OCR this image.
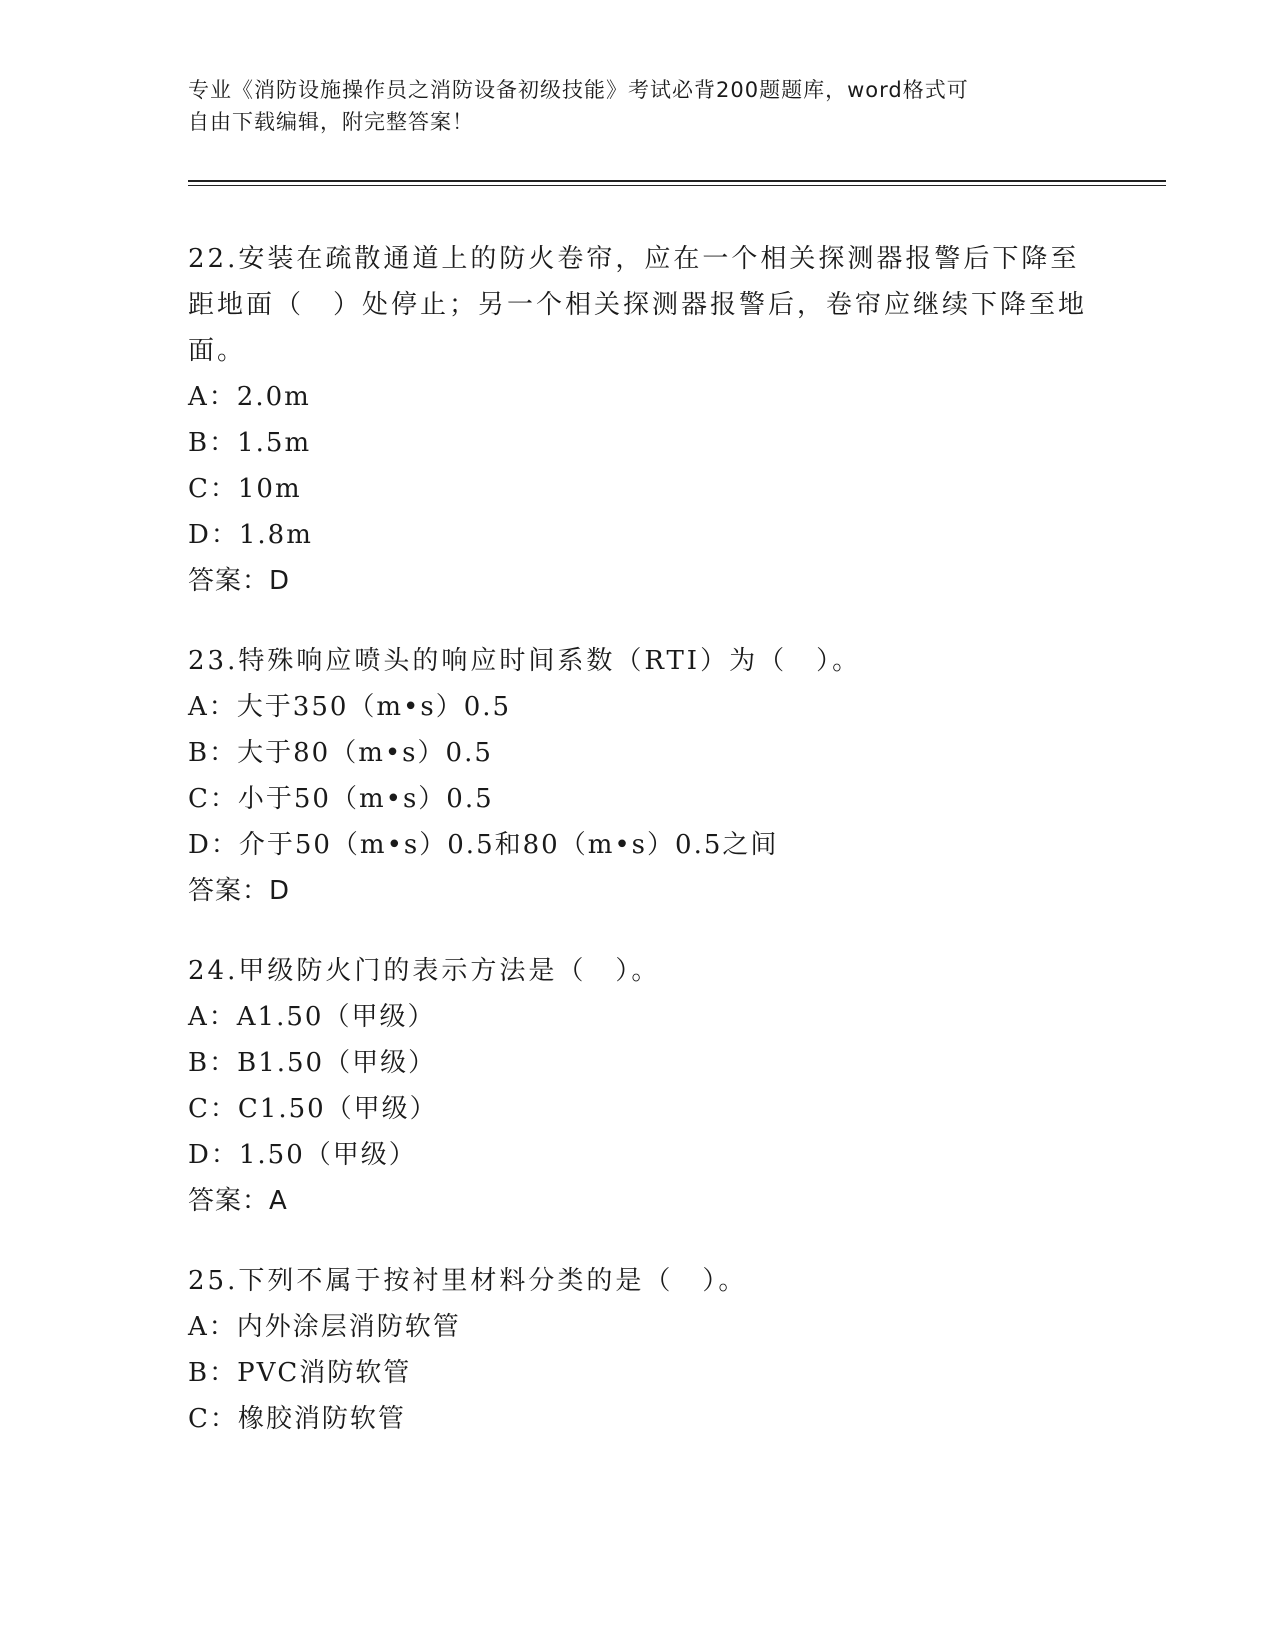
专业《消防设施操作员之消防设备初级技能》考试必背200题题库，word格式可
自由下载编辑，附完整答案！
22.安装在疏散通道上的防火卷帘，应在一个相关探测器报警后下降至距地面（　）处停止；另一个相关探测器报警后，卷帘应继续下降至地面。
A：2.0m
B：1.5m
C：10m
D：1.8m
答案：D
23.特殊响应喷头的响应时间系数（RTI）为（　）。
A：大于350（m•s）0.5
B：大于80（m•s）0.5
C：小于50（m•s）0.5
D：介于50（m•s）0.5和80（m•s）0.5之间
答案：D
24.甲级防火门的表示方法是（　）。
A：A1.50（甲级）
B：B1.50（甲级）
C：C1.50（甲级）
D：1.50（甲级）
答案：A
25.下列不属于按衬里材料分类的是（　）。
A：内外涂层消防软管
B：PVC消防软管
C：橡胶消防软管
